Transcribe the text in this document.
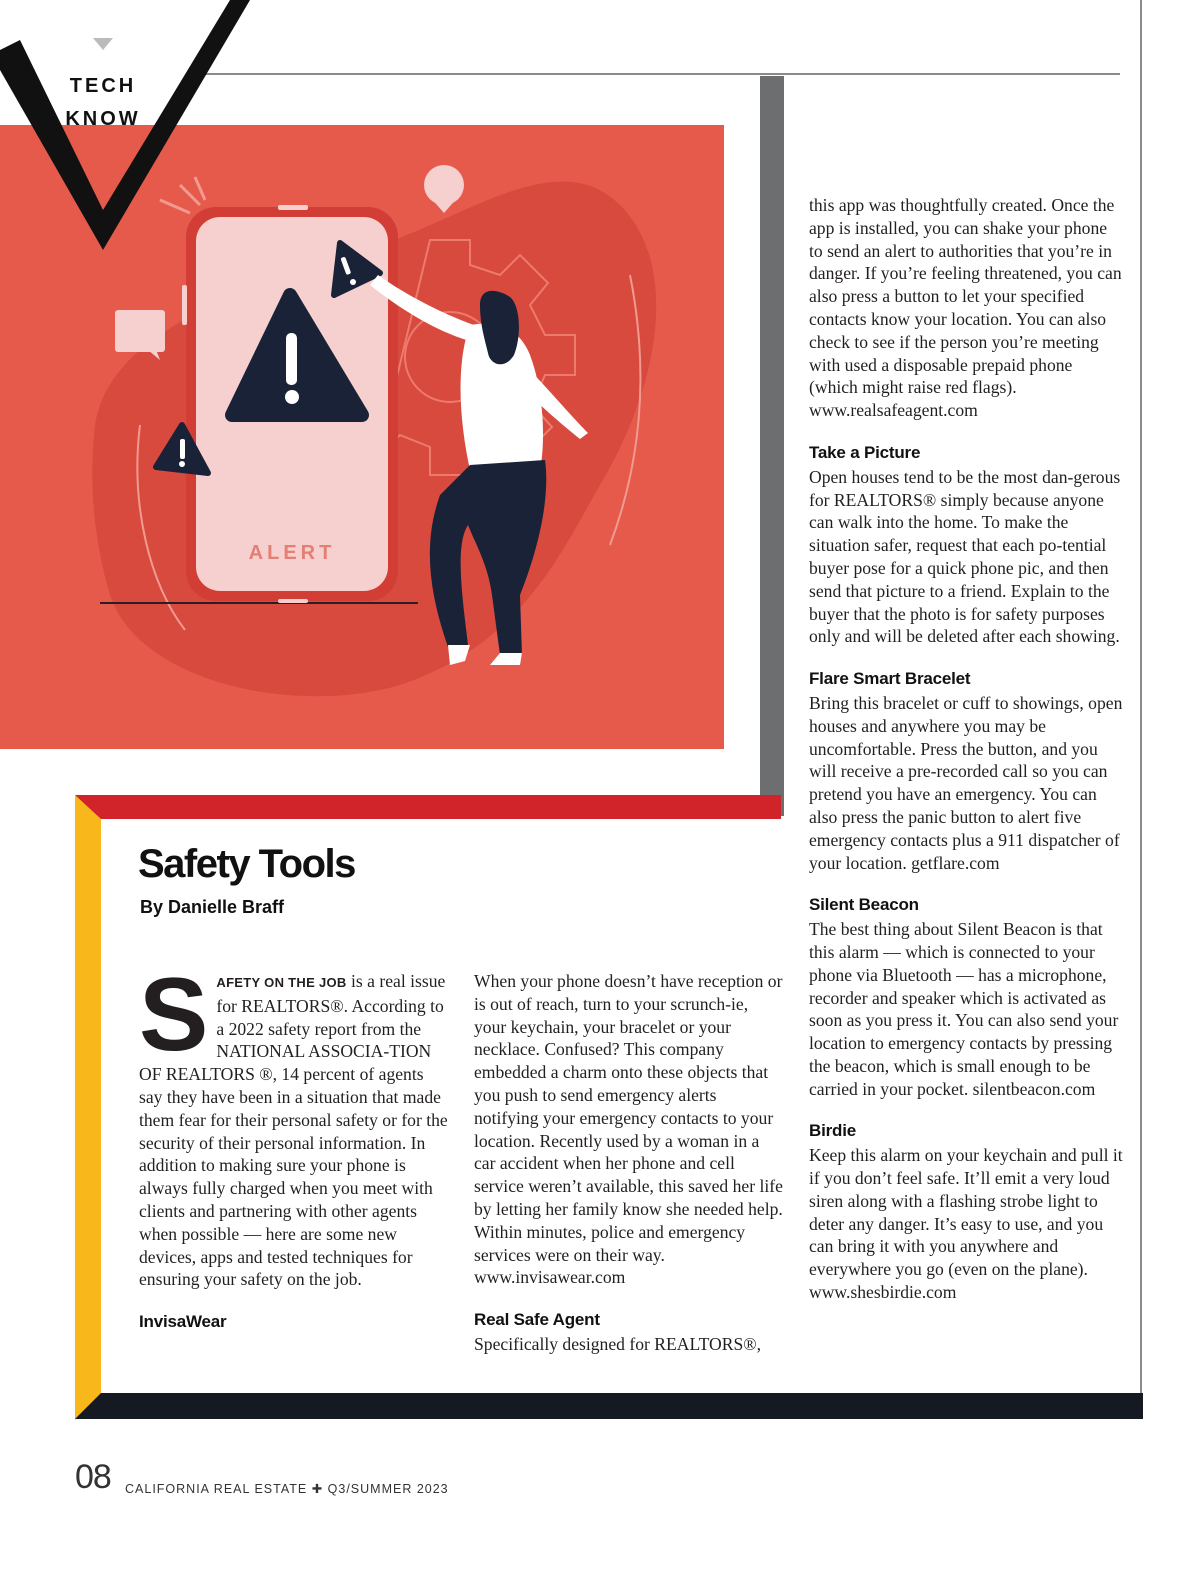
ALERT
TECH
KNOW
Safety Tools
By Danielle Braff

SAFETY ON THE JOB is a real issue for REALTORS®. According to a 2022 safety report from the NATIONAL ASSOCIA-TION OF REALTORS ®, 14 percent of agents say they have been in a situation that made them fear for their personal safety or for the security of their personal information. In addition to making sure your phone is always fully charged when you meet with clients and partnering with other agents when possible — here are some new devices, apps and tested techniques for ensuring your safety on the job.

InvisaWear

When your phone doesn’t have reception or is out of reach, turn to your scrunch-ie, your keychain, your bracelet or your necklace. Confused? This company embedded a charm onto these objects that you push to send emergency alerts notifying your emergency contacts to your location. Recently used by a woman in a car accident when her phone and cell service weren’t available, this saved her life by letting her family know she needed help. Within minutes, police and emergency services were on their way. www.invisawear.com

Real Safe Agent

Specifically designed for REALTORS®,

this app was thoughtfully created. Once the app is installed, you can shake your phone to send an alert to authorities that you’re in danger. If you’re feeling threatened, you can also press a button to let your specified contacts know your location. You can also check to see if the person you’re meeting with used a disposable prepaid phone (which might raise red flags). www.realsafeagent.com

Take a Picture

Open houses tend to be the most dan-gerous for REALTORS® simply because anyone can walk into the home. To make the situation safer, request that each po-tential buyer pose for a quick phone pic, and then send that picture to a friend. Explain to the buyer that the photo is for safety purposes only and will be deleted after each showing.

Flare Smart Bracelet

Bring this bracelet or cuff to showings, open houses and anywhere you may be uncomfortable. Press the button, and you will receive a pre-recorded call so you can pretend you have an emergency. You can also press the panic button to alert five emergency contacts plus a 911 dispatcher of your location. getflare.com

Silent Beacon

The best thing about Silent Beacon is that this alarm — which is connected to your phone via Bluetooth — has a microphone, recorder and speaker which is activated as soon as you press it. You can also send your location to emergency contacts by pressing the beacon, which is small enough to be carried in your pocket. silentbeacon.com

Birdie

Keep this alarm on your keychain and pull it if you don’t feel safe. It’ll emit a very loud siren along with a flashing strobe light to deter any danger. It’s easy to use, and you can bring it with you anywhere and everywhere you go (even on the plane). www.shesbirdie.com

08 CALIFORNIA REAL ESTATE ✚ Q3/SUMMER 2023
